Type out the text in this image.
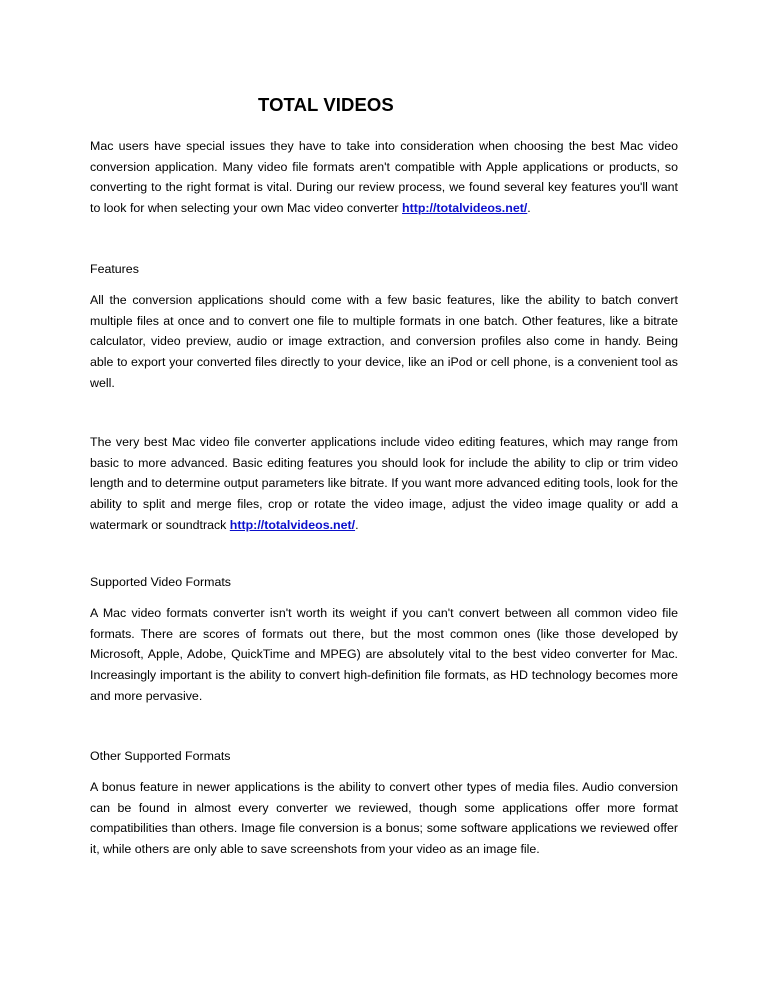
TOTAL VIDEOS

Mac users have special issues they have to take into consideration when choosing the best Mac video conversion application. Many video file formats aren't compatible with Apple applications or products, so converting to the right format is vital. During our review process, we found several key features you'll want to look for when selecting your own Mac video converter http://totalvideos.net/.

Features

All the conversion applications should come with a few basic features, like the ability to batch convert multiple files at once and to convert one file to multiple formats in one batch. Other features, like a bitrate calculator, video preview, audio or image extraction, and conversion profiles also come in handy. Being able to export your converted files directly to your device, like an iPod or cell phone, is a convenient tool as well.

The very best Mac video file converter applications include video editing features, which may range from basic to more advanced. Basic editing features you should look for include the ability to clip or trim video length and to determine output parameters like bitrate. If you want more advanced editing tools, look for the ability to split and merge files, crop or rotate the video image, adjust the video image quality or add a watermark or soundtrack http://totalvideos.net/.

Supported Video Formats

A Mac video formats converter isn't worth its weight if you can't convert between all common video file formats. There are scores of formats out there, but the most common ones (like those developed by Microsoft, Apple, Adobe, QuickTime and MPEG) are absolutely vital to the best video converter for Mac. Increasingly important is the ability to convert high-definition file formats, as HD technology becomes more and more pervasive.

Other Supported Formats

A bonus feature in newer applications is the ability to convert other types of media files. Audio conversion can be found in almost every converter we reviewed, though some applications offer more format compatibilities than others. Image file conversion is a bonus; some software applications we reviewed offer it, while others are only able to save screenshots from your video as an image file.
